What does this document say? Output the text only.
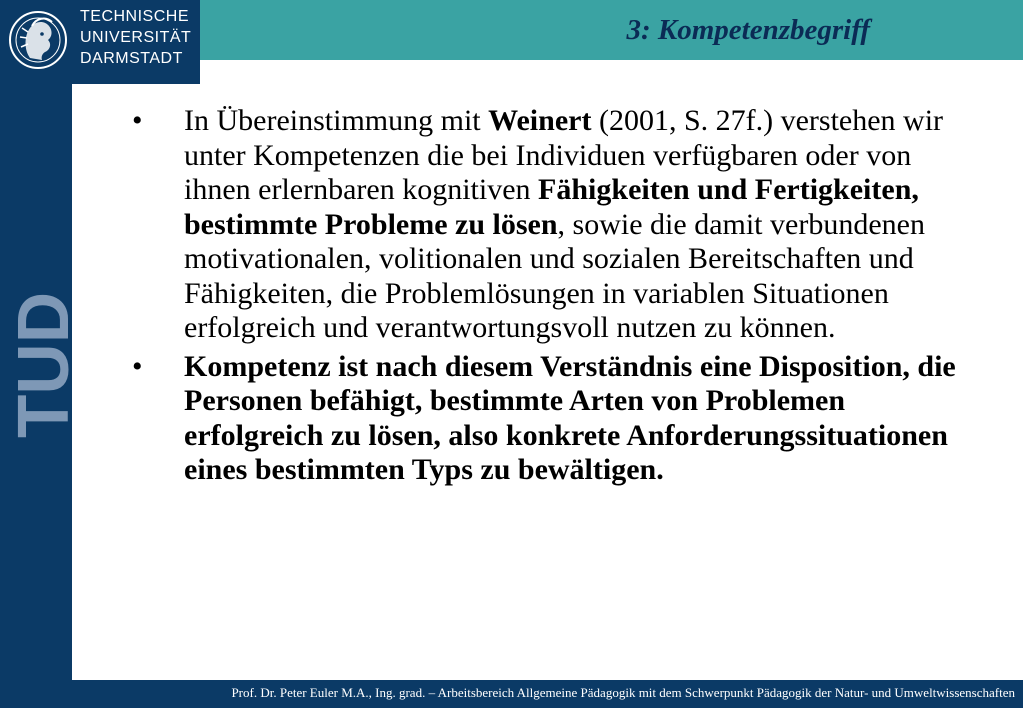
TECHNISCHE
UNIVERSITÄT
DARMSTADT
3: Kompetenzbegriff
TUD
•	In Übereinstimmung mit Weinert (2001, S. 27f.) verstehen wir unter Kompetenzen die bei Individuen verfügbaren oder von ihnen erlernbaren kognitiven Fähigkeiten und Fertigkeiten, bestimmte Probleme zu lösen, sowie die damit verbundenen motivationalen, volitionalen und sozialen Bereitschaften und Fähigkeiten, die Problemlösungen in variablen Situationen erfolgreich und verantwortungsvoll nutzen zu können.
•	Kompetenz ist nach diesem Verständnis eine Disposition, die Personen befähigt, bestimmte Arten von Problemen erfolgreich zu lösen, also konkrete Anforderungssituationen eines bestimmten Typs zu bewältigen.
Prof. Dr. Peter Euler M.A., Ing. grad. – Arbeitsbereich Allgemeine Pädagogik mit dem Schwerpunkt Pädagogik der Natur- und Umweltwissenschaften
